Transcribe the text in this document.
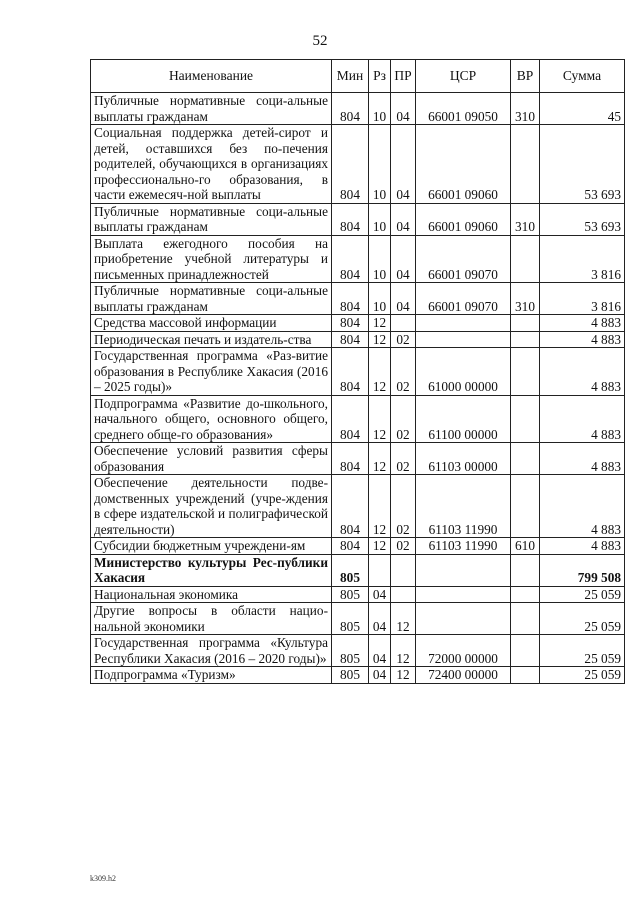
52
Наименование	Мин	Рз	ПР	ЦСР	ВР	Сумма
Публичные нормативные соци-альные выплаты гражданам	804	10	04	66001 09050	310	45
Социальная поддержка детей-сирот и детей, оставшихся без по-печения родителей, обучающихся в организациях профессионально-го образования, в части ежемесяч-ной выплаты	804	10	04	66001 09060		53 693
Публичные нормативные соци-альные выплаты гражданам	804	10	04	66001 09060	310	53 693
Выплата ежегодного пособия на приобретение учебной литературы и письменных принадлежностей	804	10	04	66001 09070		3 816
Публичные нормативные соци-альные выплаты гражданам	804	10	04	66001 09070	310	3 816
Средства массовой информации	804	12				4 883
Периодическая печать и издатель-ства	804	12	02			4 883
Государственная программа «Раз-витие образования в Республике Хакасия (2016 – 2025 годы)»	804	12	02	61000 00000		4 883
Подпрограмма «Развитие до-школьного, начального общего, основного общего, среднего обще-го образования»	804	12	02	61100 00000		4 883
Обеспечение условий развития сферы образования	804	12	02	61103 00000		4 883
Обеспечение деятельности подве-домственных учреждений (учре-ждения в сфере издательской и полиграфической деятельности)	804	12	02	61103 11990		4 883
Субсидии бюджетным учреждени-ям	804	12	02	61103 11990	610	4 883
Министерство культуры Рес-публики Хакасия	805					799 508
Национальная экономика	805	04				25 059
Другие вопросы в области нацио-нальной экономики	805	04	12			25 059
Государственная программа «Культура Республики Хакасия (2016 – 2020 годы)»	805	04	12	72000 00000		25 059
Подпрограмма «Туризм»	805	04	12	72400 00000		25 059
k309.h2
